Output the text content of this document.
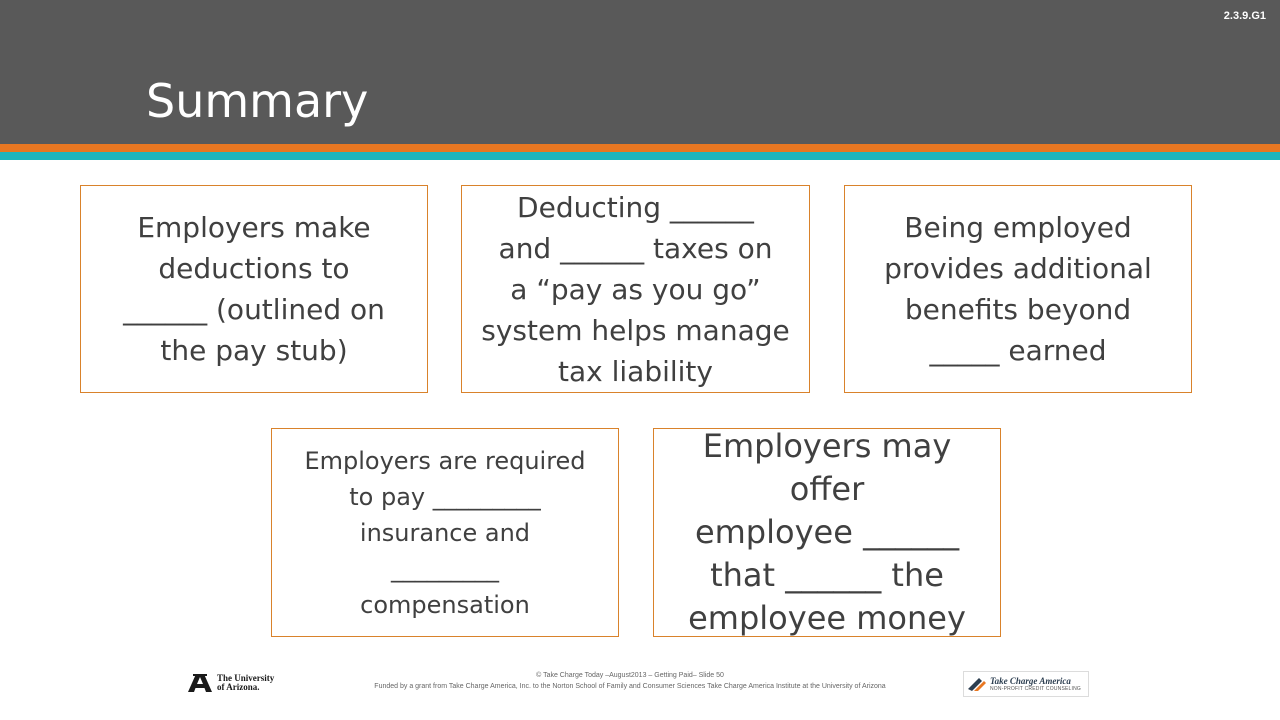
2.3.9.G1
Summary
Employers make
deductions to
______ (outlined on
the pay stub)
Deducting ______
and ______ taxes on
a “pay as you go”
system helps manage
tax liability
Being employed
provides additional
benefits beyond
_____ earned
Employers are required
to pay _________
insurance and
_________
compensation
Employers may offer
employee ______
that ______ the
employee money
The University
of Arizona.
© Take Charge Today –August2013 – Getting Paid– Slide 50
Funded by a grant from Take Charge America, Inc. to the Norton School of Family and Consumer Sciences Take Charge America Institute at the University of Arizona
Take Charge America
NON-PROFIT CREDIT COUNSELING
